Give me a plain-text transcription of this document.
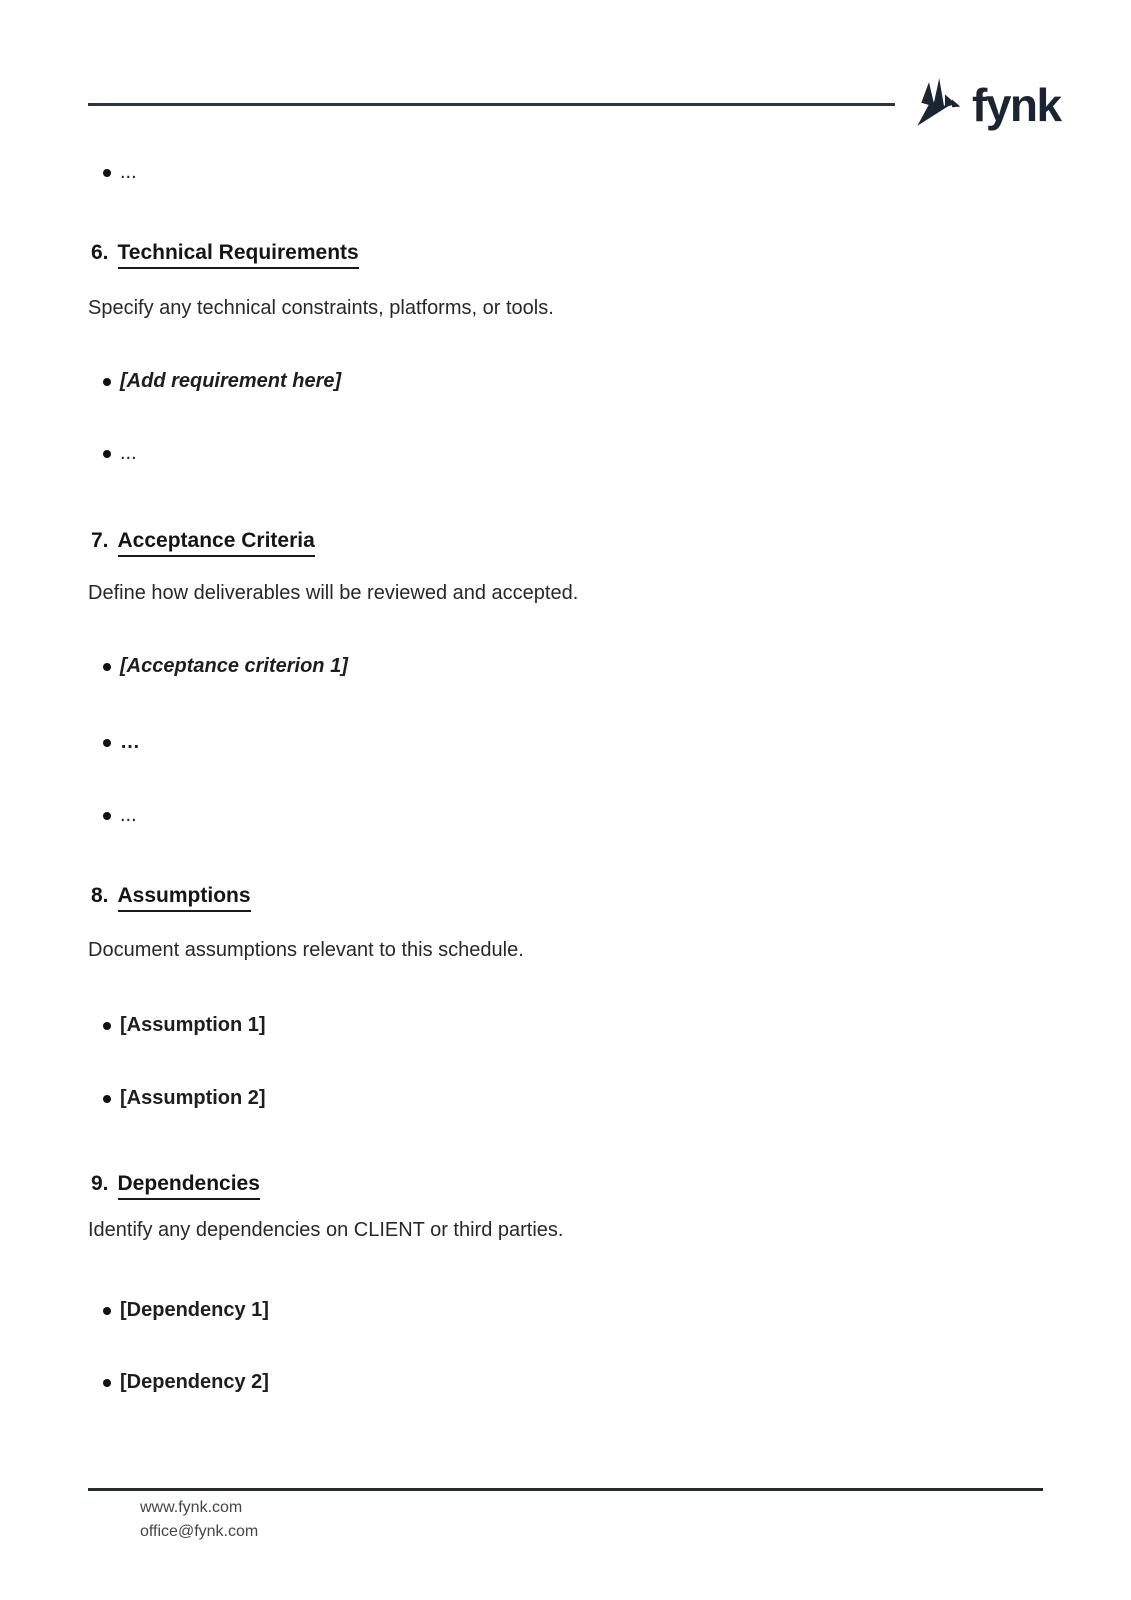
fynk
...
6. Technical Requirements
Specify any technical constraints, platforms, or tools.
[Add requirement here]
...
7. Acceptance Criteria
Define how deliverables will be reviewed and accepted.
[Acceptance criterion 1]
…
...
8. Assumptions
Document assumptions relevant to this schedule.
[Assumption 1]
[Assumption 2]
9. Dependencies
Identify any dependencies on CLIENT or third parties.
[Dependency 1]
[Dependency 2]
www.fynk.com
office@fynk.com
